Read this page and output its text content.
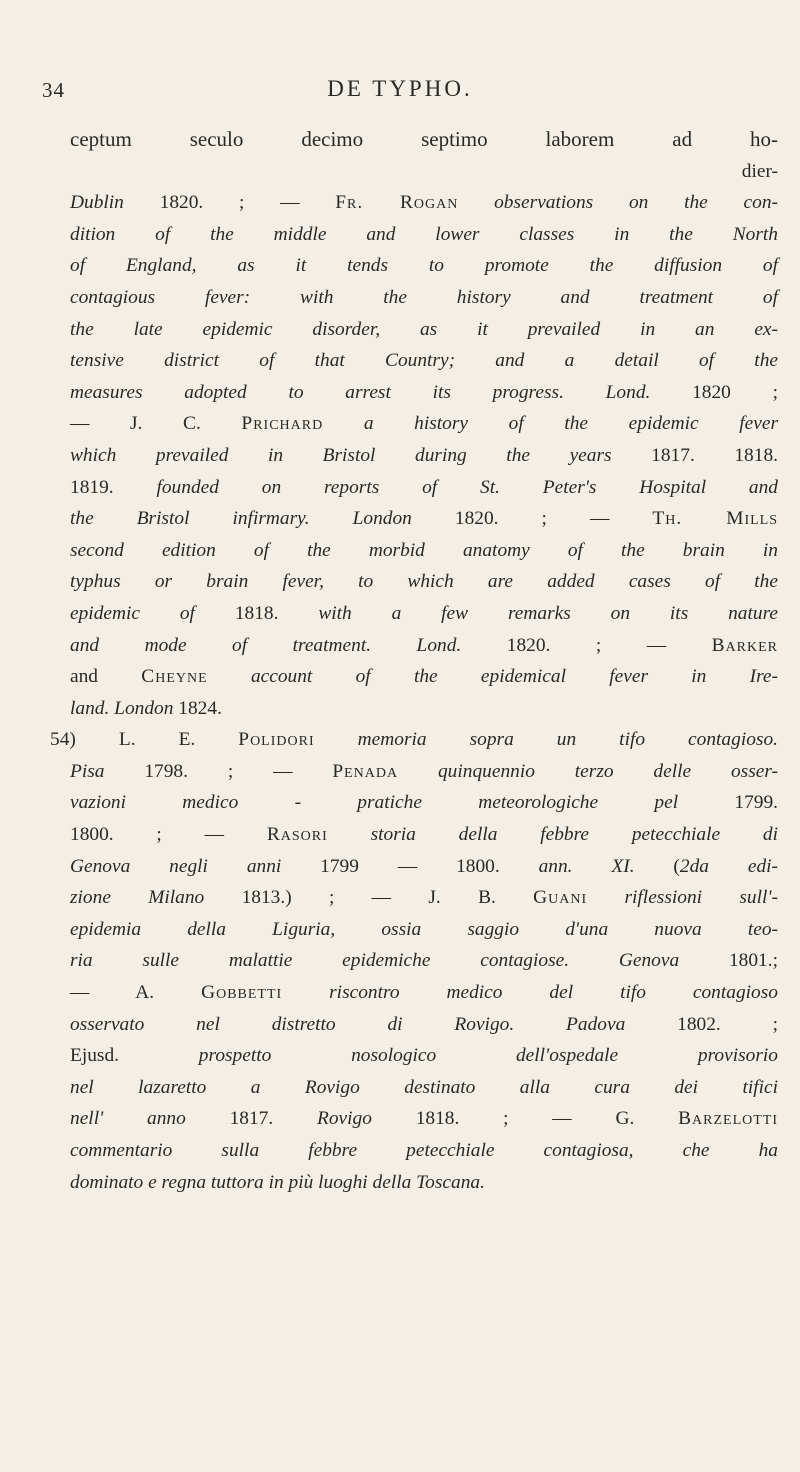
34	DE TYPHO.
ceptum seculo decimo septimo laborem ad ho-
dier-
Dublin 1820. ; — Fr. Rogan observations on the con-
dition of the middle and lower classes in the North
of England, as it tends to promote the diffusion of
contagious fever: with the history and treatment of
the late epidemic disorder, as it prevailed in an ex-
tensive district of that Country; and a detail of the
measures adopted to arrest its progress. Lond. 1820 ;
— J. C. Prichard a history of the epidemic fever
which prevailed in Bristol during the years 1817. 1818.
1819. founded on reports of St. Peter's Hospital and
the Bristol infirmary. London 1820. ; — Th. Mills
second edition of the morbid anatomy of the brain in
typhus or brain fever, to which are added cases of the
epidemic of 1818. with a few remarks on its nature
and mode of treatment. Lond. 1820. ; — Barker
and Cheyne account of the epidemical fever in Ire-
land. London 1824.
54) L. E. Polidori memoria sopra un tifo contagioso.
Pisa 1798. ; — Penada quinquennio terzo delle osser-
vazioni medico - pratiche meteorologiche pel 1799.
1800. ; — Rasori storia della febbre petecchiale di
Genova negli anni 1799 — 1800. ann. XI. (2da edi-
zione Milano 1813.) ; — J. B. Guani riflessioni sull'-
epidemia della Liguria, ossia saggio d'una nuova teo-
ria sulle malattie epidemiche contagiose. Genova 1801.;
— A. Gobbetti riscontro medico del tifo contagioso
osservato nel distretto di Rovigo. Padova 1802. ;
Ejusd. prospetto nosologico dell'ospedale provisorio
nel lazaretto a Rovigo destinato alla cura dei tifici
nell' anno 1817. Rovigo 1818. ; — G. Barzelotti
commentario sulla febbre petecchiale contagiosa, che ha
dominato e regna tuttora in più luoghi della Toscana.
